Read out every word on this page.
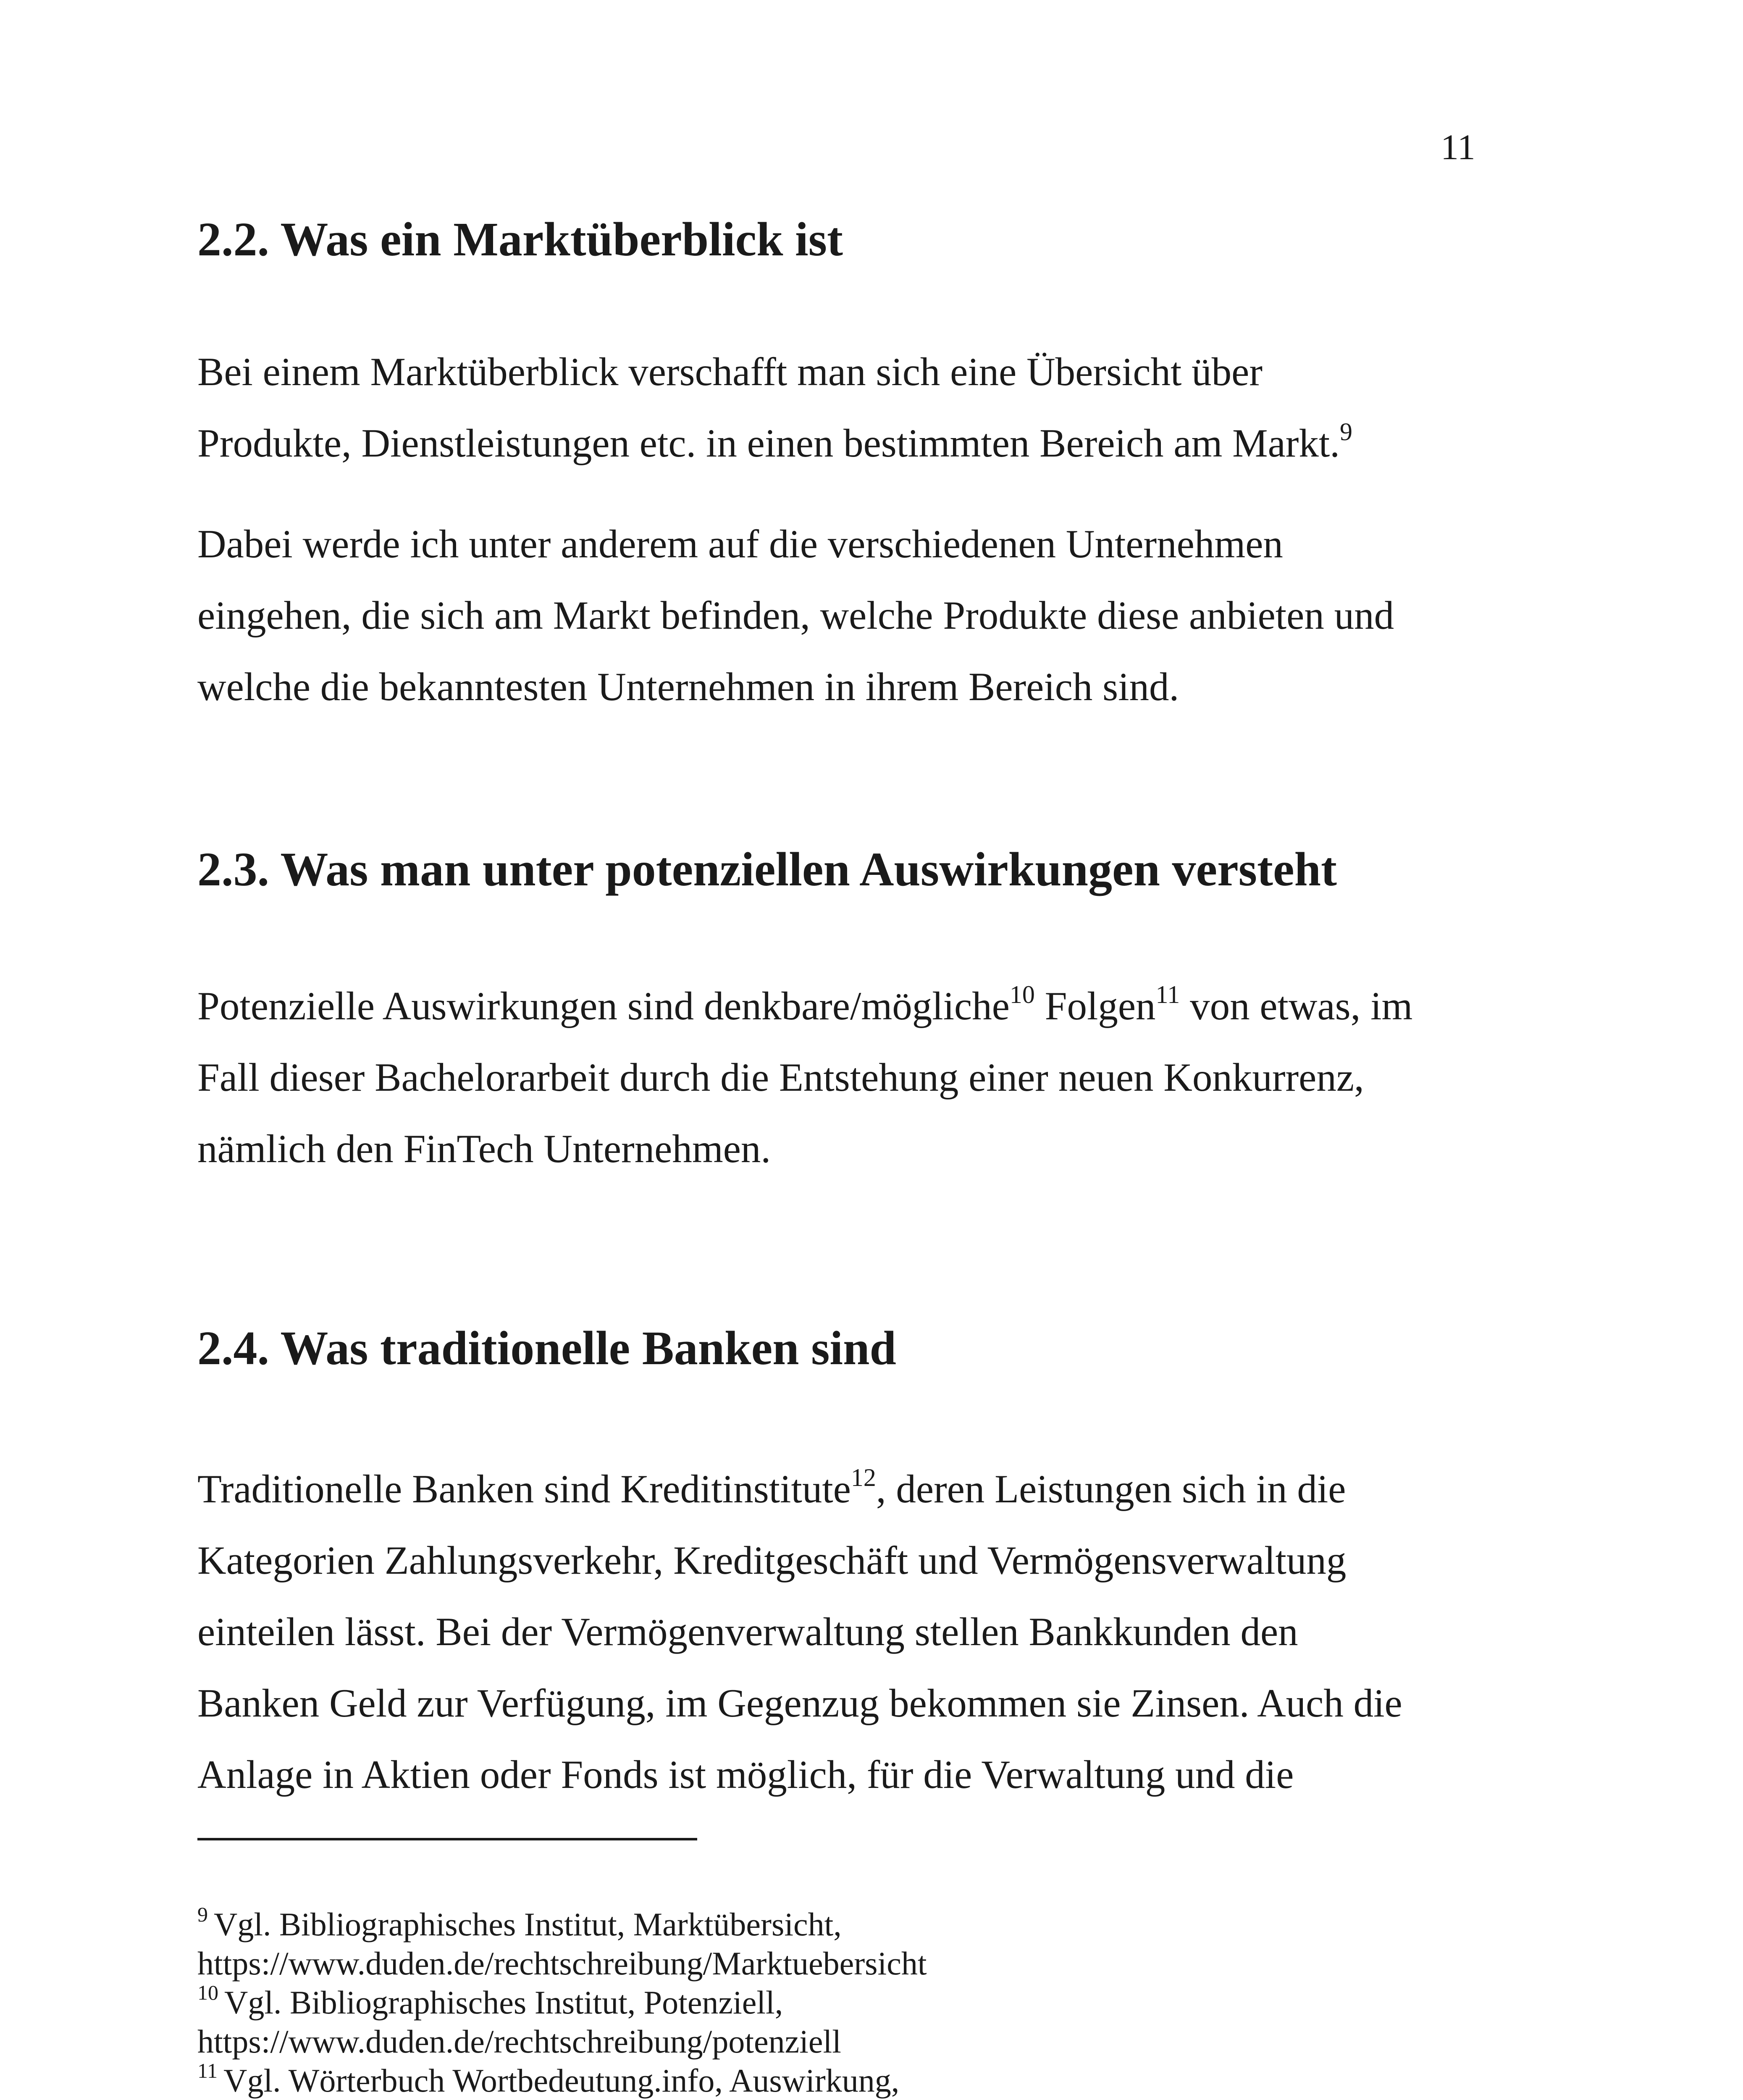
11
2.2. Was ein Marktüberblick ist

Bei einem Marktüberblick verschafft man sich eine Übersicht über
Produkte, Dienstleistungen etc. in einen bestimmten Bereich am Markt.$^9$

Dabei werde ich unter anderem auf die verschiedenen Unternehmen
eingehen, die sich am Markt befinden, welche Produkte diese anbieten und
welche die bekanntesten Unternehmen in ihrem Bereich sind.

2.3. Was man unter potenziellen Auswirkungen versteht

Potenzielle Auswirkungen sind denkbare/mögliche$^{10}$ Folgen$^{11}$ von etwas, im
Fall dieser Bachelorarbeit durch die Entstehung einer neuen Konkurrenz,
nämlich den FinTech Unternehmen.

2.4. Was traditionelle Banken sind

Traditionelle Banken sind Kreditinstitute$^{12}$, deren Leistungen sich in die
Kategorien Zahlungsverkehr, Kreditgeschäft und Vermögensverwaltung
einteilen lässt. Bei der Vermögenverwaltung stellen Bankkunden den
Banken Geld zur Verfügung, im Gegenzug bekommen sie Zinsen. Auch die
Anlage in Aktien oder Fonds ist möglich, für die Verwaltung und die

$^9$ Vgl. Bibliographisches Institut, Marktübersicht,
https://www.duden.de/rechtschreibung/Marktuebersicht
$^{10}$ Vgl. Bibliographisches Institut, Potenziell,
https://www.duden.de/rechtschreibung/potenziell
$^{11}$ Vgl. Wörterbuch Wortbedeutung.info, Auswirkung,
